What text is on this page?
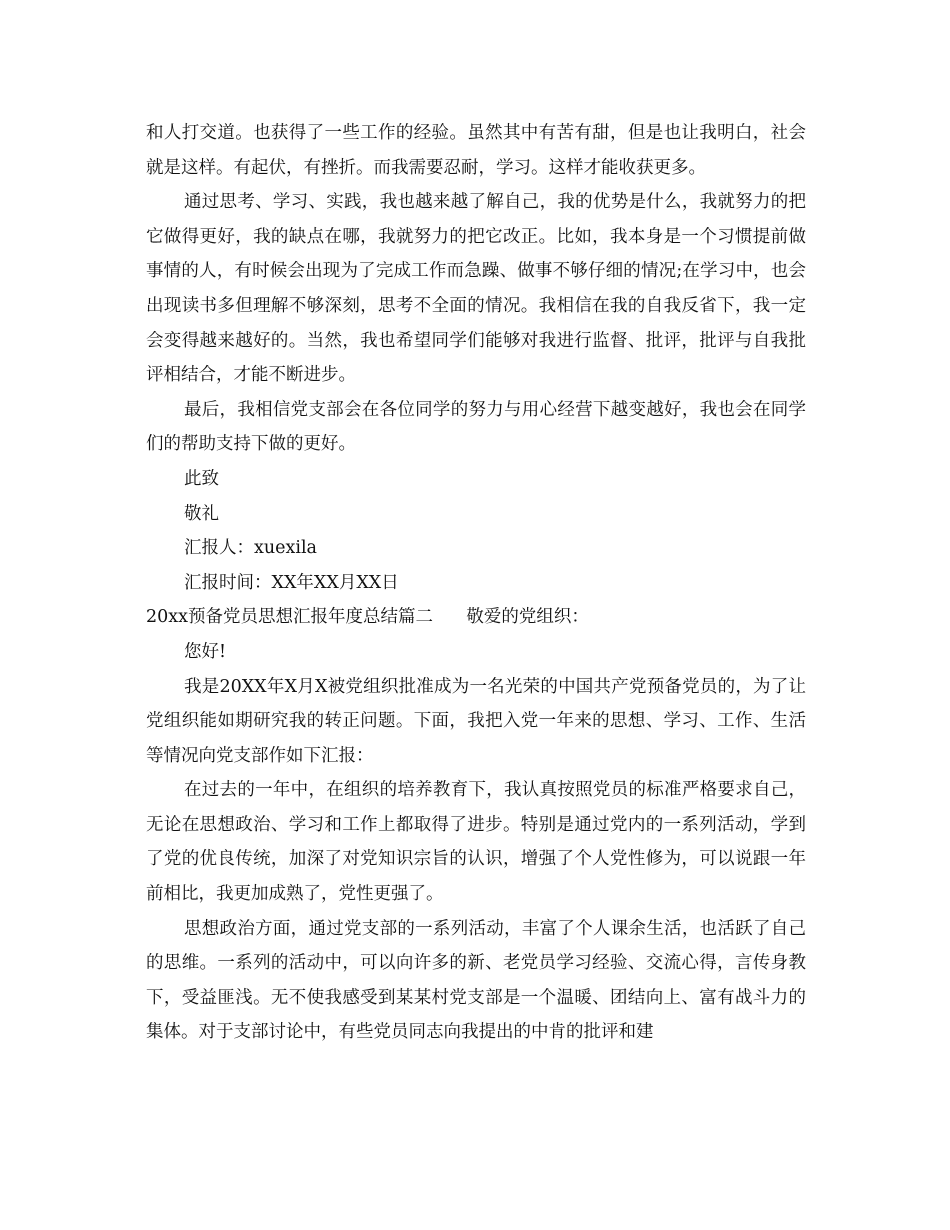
和人打交道。也获得了一些工作的经验。虽然其中有苦有甜，但是也让我明白，社会就是这样。有起伏，有挫折。而我需要忍耐，学习。这样才能收获更多。

通过思考、学习、实践，我也越来越了解自己，我的优势是什么，我就努力的把它做得更好，我的缺点在哪，我就努力的把它改正。比如，我本身是一个习惯提前做事情的人，有时候会出现为了完成工作而急躁、做事不够仔细的情况;在学习中，也会出现读书多但理解不够深刻，思考不全面的情况。我相信在我的自我反省下，我一定会变得越来越好的。当然，我也希望同学们能够对我进行监督、批评，批评与自我批评相结合，才能不断进步。

最后，我相信党支部会在各位同学的努力与用心经营下越变越好，我也会在同学们的帮助支持下做的更好。

此致

敬礼

汇报人：xuexila

汇报时间：XX年XX月XX日

20xx预备党员思想汇报年度总结篇二      敬爱的党组织：

您好!

我是20XX年X月X被党组织批准成为一名光荣的中国共产党预备党员的，为了让党组织能如期研究我的转正问题。下面，我把入党一年来的思想、学习、工作、生活等情况向党支部作如下汇报：

在过去的一年中，在组织的培养教育下，我认真按照党员的标准严格要求自己，无论在思想政治、学习和工作上都取得了进步。特别是通过党内的一系列活动，学到了党的优良传统，加深了对党知识宗旨的认识，增强了个人党性修为，可以说跟一年前相比，我更加成熟了，党性更强了。

思想政治方面，通过党支部的一系列活动，丰富了个人课余生活，也活跃了自己的思维。一系列的活动中，可以向许多的新、老党员学习经验、交流心得，言传身教下，受益匪浅。无不使我感受到某某村党支部是一个温暖、团结向上、富有战斗力的集体。对于支部讨论中，有些党员同志向我提出的中肯的批评和建
